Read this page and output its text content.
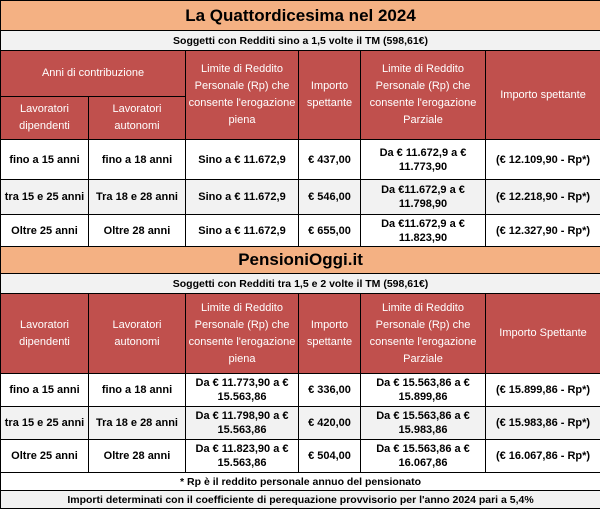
La Quattordicesima nel 2024					
Soggetti con Redditi sino a 1,5 volte il TM (598,61€)					
Anni di contribuzione		Limite di Reddito Personale (Rp) che consente l'erogazione piena	Importo spettante	Limite di Reddito Personale (Rp) che consente l'erogazione Parziale	Importo spettante
Lavoratori dipendenti	Lavoratori autonomi				
fino a 15 anni	fino a 18 anni	Sino a € 11.672,9	€ 437,00	Da € 11.672,9 a € 11.773,90	(€ 12.109,90 - Rp*)
tra 15 e 25 anni	Tra 18 e 28 anni	Sino a € 11.672,9	€ 546,00	Da €11.672,9 a € 11.798,90	(€ 12.218,90 - Rp*)
Oltre 25 anni	Oltre 28 anni	Sino a € 11.672,9	€ 655,00	Da €11.672,9 a € 11.823,90	(€ 12.327,90 - Rp*)
PensioniOggi.it					
Soggetti con Redditi tra 1,5 e 2 volte il TM (598,61€)					
Lavoratori dipendenti	Lavoratori autonomi	Limite di Reddito Personale (Rp) che consente l'erogazione piena	Importo spettante	Limite di Reddito Personale (Rp) che consente l'erogazione Parziale	Importo Spettante
fino a 15 anni	fino a 18 anni	Da € 11.773,90 a € 15.563,86	€ 336,00	Da € 15.563,86 a € 15.899,86	(€ 15.899,86 - Rp*)
tra 15 e 25 anni	Tra 18 e 28 anni	Da € 11.798,90 a € 15.563,86	€ 420,00	Da € 15.563,86 a € 15.983,86	(€ 15.983,86 - Rp*)
Oltre 25 anni	Oltre 28 anni	Da € 11.823,90 a € 15.563,86	€ 504,00	Da € 15.563,86 a € 16.067,86	(€ 16.067,86 - Rp*)
* Rp è il reddito personale annuo del pensionato					
Importi determinati con il coefficiente di perequazione provvisorio per l'anno 2024 pari a 5,4%					
